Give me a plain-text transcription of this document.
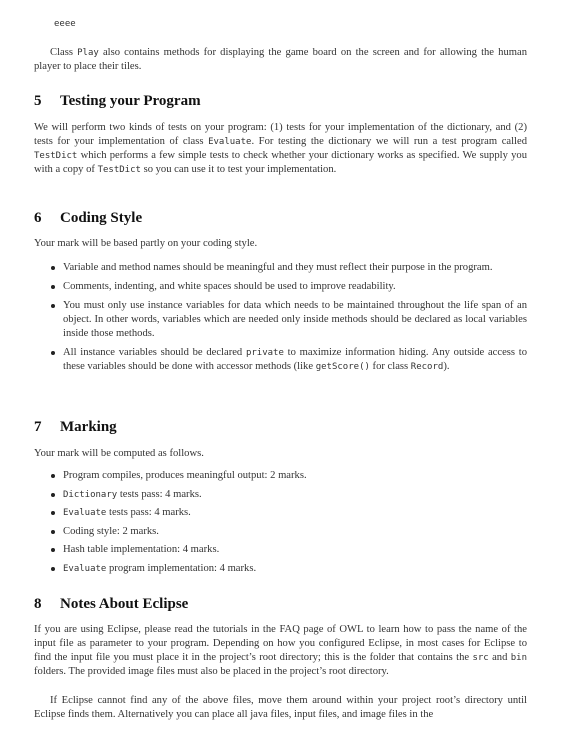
eeee
Class Play also contains methods for displaying the game board on the screen and for allowing the human player to place their tiles.
5 Testing your Program
We will perform two kinds of tests on your program: (1) tests for your implementation of the dictionary, and (2) tests for your implementation of class Evaluate. For testing the dictionary we will run a test program called TestDict which performs a few simple tests to check whether your dictionary works as specified. We supply you with a copy of TestDict so you can use it to test your implementation.
6 Coding Style
Your mark will be based partly on your coding style.
Variable and method names should be meaningful and they must reflect their purpose in the program.
Comments, indenting, and white spaces should be used to improve readability.
You must only use instance variables for data which needs to be maintained throughout the life span of an object. In other words, variables which are needed only inside methods should be declared as local variables inside those methods.
All instance variables should be declared private to maximize information hiding. Any outside access to these variables should be done with accessor methods (like getScore() for class Record).
7 Marking
Your mark will be computed as follows.
Program compiles, produces meaningful output: 2 marks.
Dictionary tests pass: 4 marks.
Evaluate tests pass: 4 marks.
Coding style: 2 marks.
Hash table implementation: 4 marks.
Evaluate program implementation: 4 marks.
8 Notes About Eclipse
If you are using Eclipse, please read the tutorials in the FAQ page of OWL to learn how to pass the name of the input file as parameter to your program. Depending on how you configured Eclipse, in most cases for Eclipse to find the input file you must place it in the project’s root directory; this is the folder that contains the src and bin folders. The provided image files must also be placed in the project’s root directory.
If Eclipse cannot find any of the above files, move them around within your project root’s directory until Eclipse finds them. Alternatively you can place all java files, input files, and image files in the
